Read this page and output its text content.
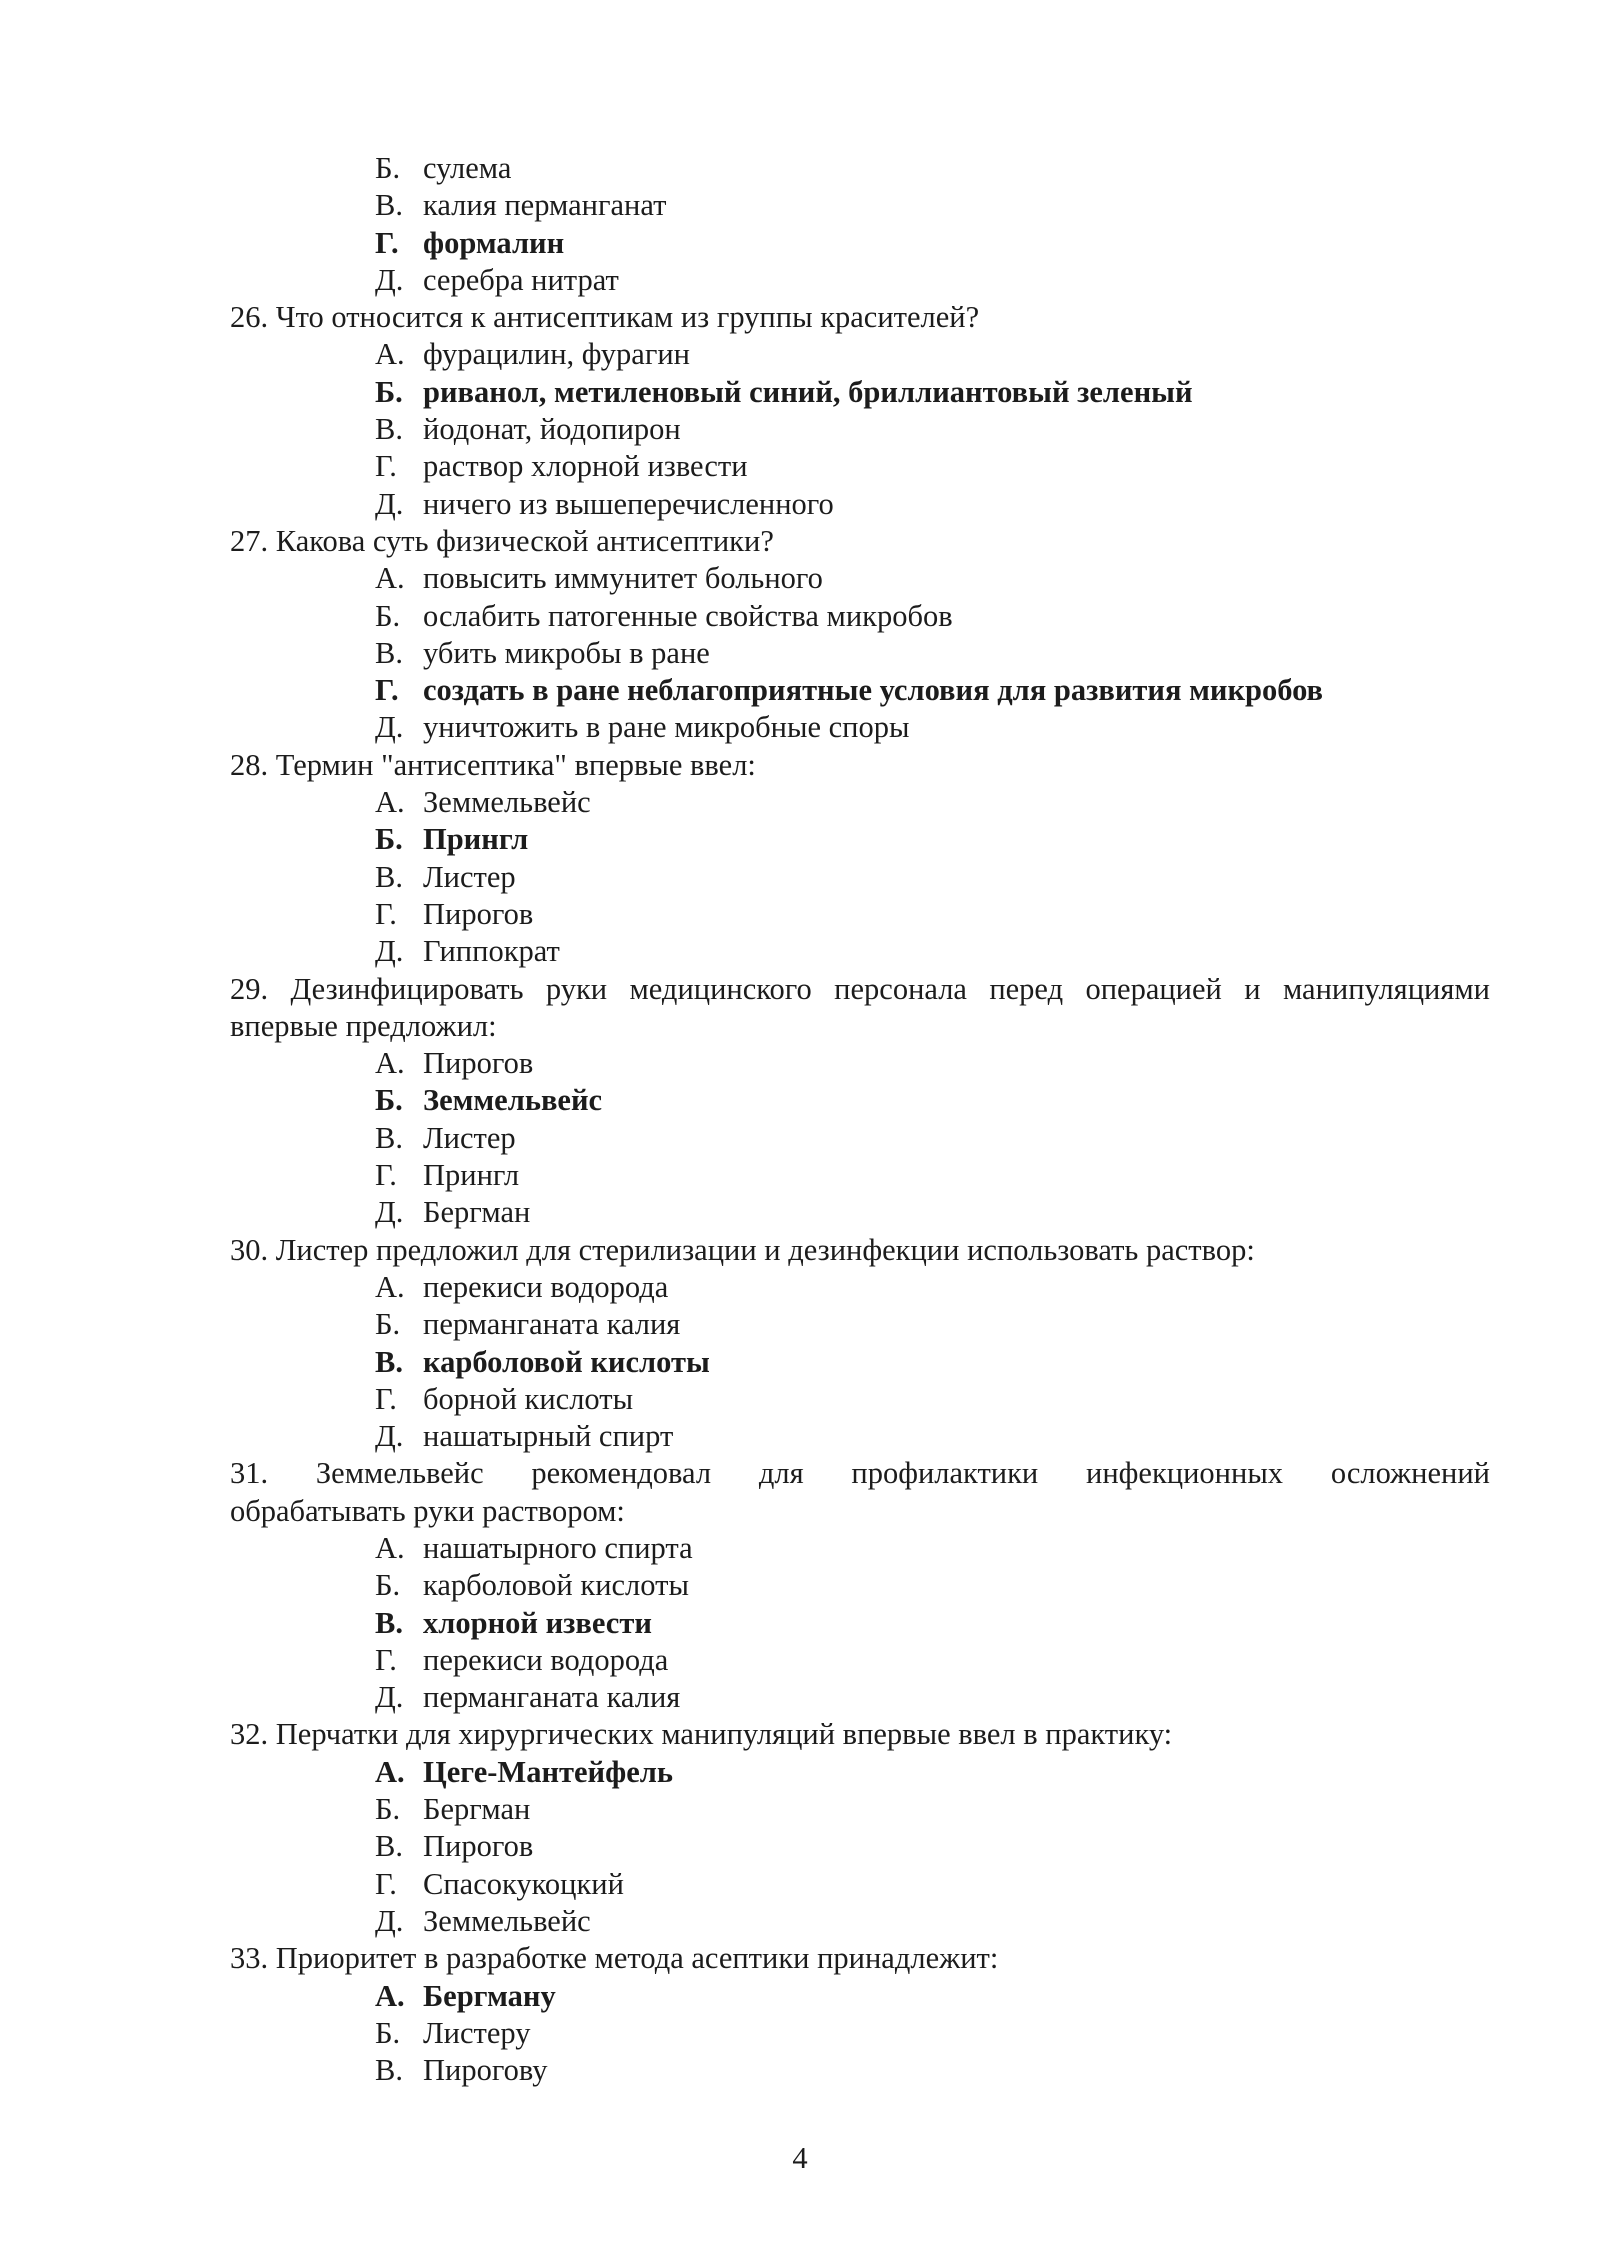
Б. сулема
В. калия перманганат
Г. формалин
Д. серебра нитрат
26. Что относится к антисептикам из группы красителей?
А. фурацилин, фурагин
Б. риванол, метиленовый синий, бриллиантовый зеленый
В. йодонат, йодопирон
Г. раствор хлорной извести
Д. ничего из вышеперечисленного
27. Какова суть физической антисептики?
А. повысить иммунитет больного
Б. ослабить патогенные свойства микробов
В. убить микробы в ране
Г. создать в ране неблагоприятные условия для развития микробов
Д. уничтожить в ране микробные споры
28. Термин "антисептика" впервые ввел:
А. Земмельвейс
Б. Прингл
В. Листер
Г. Пирогов
Д. Гиппократ
29. Дезинфицировать руки медицинского персонала перед операцией и манипуляциями
впервые предложил:
А. Пирогов
Б. Земмельвейс
В. Листер
Г. Прингл
Д. Бергман
30. Листер предложил для стерилизации и дезинфекции использовать раствор:
А. перекиси водорода
Б. перманганата калия
В. карболовой кислоты
Г. борной кислоты
Д. нашатырный спирт
31. Земмельвейс рекомендовал для профилактики инфекционных осложнений
обрабатывать руки раствором:
А. нашатырного спирта
Б. карболовой кислоты
В. хлорной извести
Г. перекиси водорода
Д. перманганата калия
32. Перчатки для хирургических манипуляций впервые ввел в практику:
А. Цеге-Мантейфель
Б. Бергман
В. Пирогов
Г. Спасокукоцкий
Д. Земмельвейс
33. Приоритет в разработке метода асептики принадлежит:
А. Бергману
Б. Листеру
В. Пирогову
4
